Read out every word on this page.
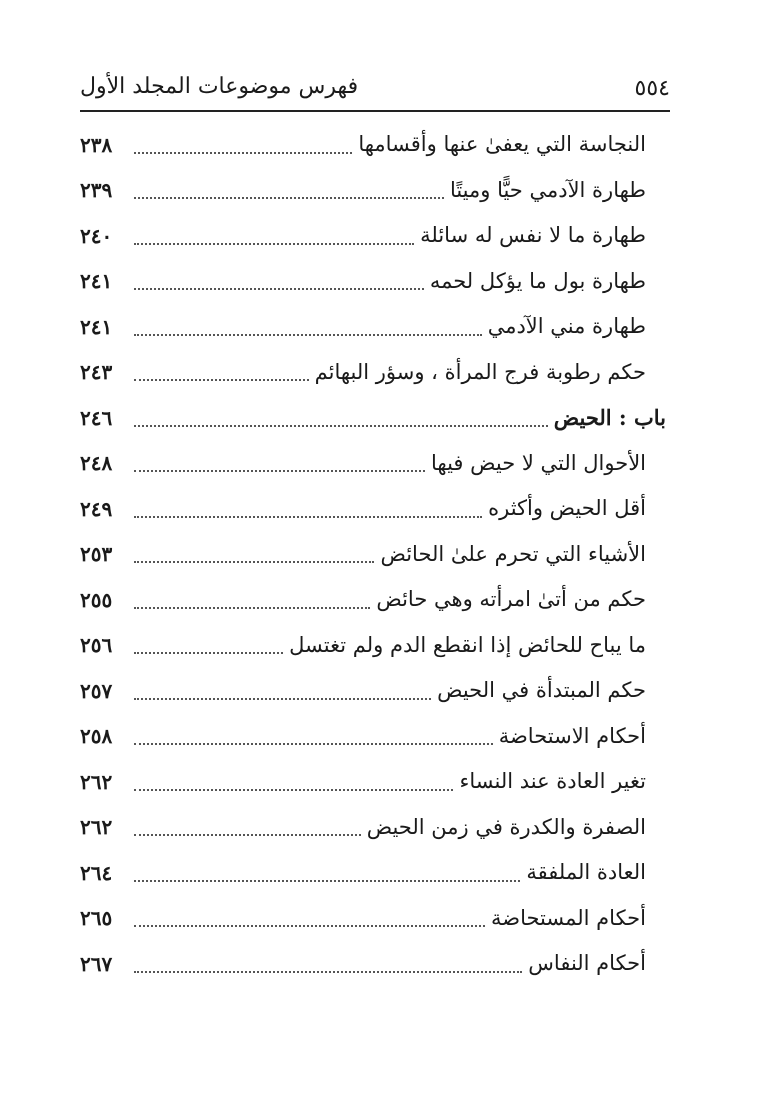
٥٥٤
فهرس موضوعات المجلد الأول
النجاسة التي يعفىٰ عنها وأقسامها
٢٣٨
طهارة الآدمي حيًّا وميتًا
٢٣٩
طهارة ما لا نفس له سائلة
٢٤٠
طهارة بول ما يؤكل لحمه
٢٤١
طهارة مني الآدمي
٢٤١
حكم رطوبة فرج المرأة ، وسؤر البهائم
٢٤٣
باب : الحيض
٢٤٦
الأحوال التي لا حيض فيها
٢٤٨
أقل الحيض وأكثره
٢٤٩
الأشياء التي تحرم علىٰ الحائض
٢٥٣
حكم من أتىٰ امرأته وهي حائض
٢٥٥
ما يباح للحائض إذا انقطع الدم ولم تغتسل
٢٥٦
حكم المبتدأة في الحيض
٢٥٧
أحكام الاستحاضة
٢٥٨
تغير العادة عند النساء
٢٦٢
الصفرة والكدرة في زمن الحيض
٢٦٢
العادة الملفقة
٢٦٤
أحكام المستحاضة
٢٦٥
أحكام النفاس
٢٦٧
